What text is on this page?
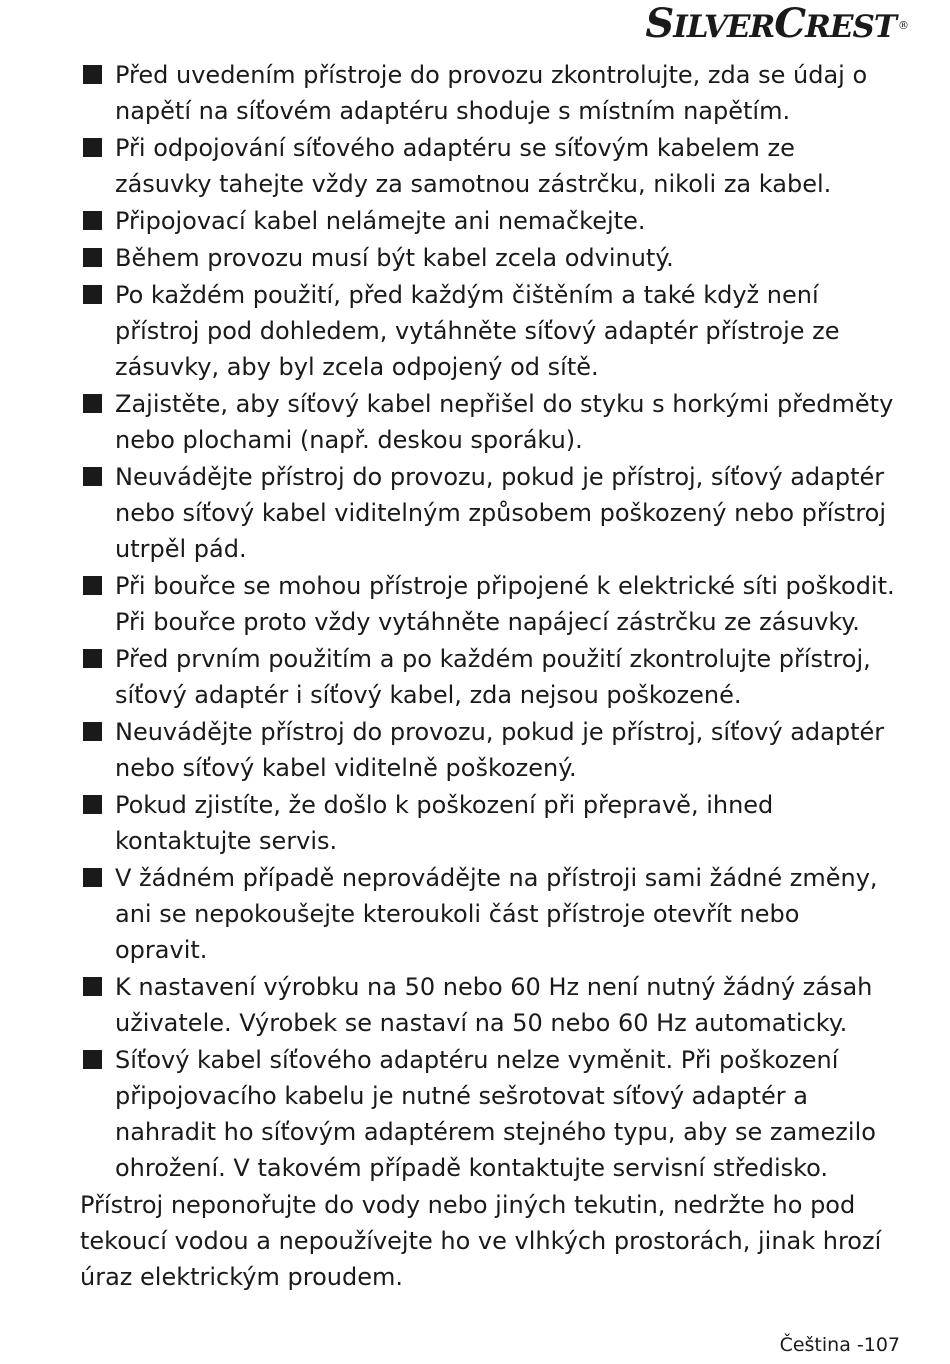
SILVERCREST ®
Před uvedením přístroje do provozu zkontrolujte, zda se údaj o napětí na síťovém adaptéru shoduje s místním napětím.
Při odpojování síťového adaptéru se síťovým kabelem ze zásuvky tahejte vždy za samotnou zástrčku, nikoli za kabel.
Připojovací kabel nelámejte ani nemačkejte.
Během provozu musí být kabel zcela odvinutý.
Po každém použití, před každým čištěním a také když není přístroj pod dohledem, vytáhněte síťový adaptér přístroje ze zásuvky, aby byl zcela odpojený od sítě.
Zajistěte, aby síťový kabel nepřišel do styku s horkými předměty nebo plochami (např. deskou sporáku).
Neuvádějte přístroj do provozu, pokud je přístroj, síťový adaptér nebo síťový kabel viditelným způsobem poškozený nebo přístroj utrpěl pád.
Při bouřce se mohou přístroje připojené k elektrické síti poškodit. Při bouřce proto vždy vytáhněte napájecí zástrčku ze zásuvky.
Před prvním použitím a po každém použití zkontrolujte přístroj, síťový adaptér i síťový kabel, zda nejsou poškozené.
Neuvádějte přístroj do provozu, pokud je přístroj, síťový adaptér nebo síťový kabel viditelně poškozený.
Pokud zjistíte, že došlo k poškození při přepravě, ihned kontaktujte servis.
V žádném případě neprovádějte na přístroji sami žádné změny, ani se nepokoušejte kteroukoli část přístroje otevřít nebo opravit.
K nastavení výrobku na 50 nebo 60 Hz není nutný žádný zásah uživatele. Výrobek se nastaví na 50 nebo 60 Hz automaticky.
Síťový kabel síťového adaptéru nelze vyměnit. Při poškození připojovacího kabelu je nutné sešrotovat síťový adaptér a nahradit ho síťovým adaptérem stejného typu, aby se zamezilo ohrožení. V takovém případě kontaktujte servisní středisko.

Přístroj neponořujte do vody nebo jiných tekutin, nedržte ho pod tekoucí vodou a nepoužívejte ho ve vlhkých prostorách, jinak hrozí úraz elektrickým proudem.

Čeština -107
